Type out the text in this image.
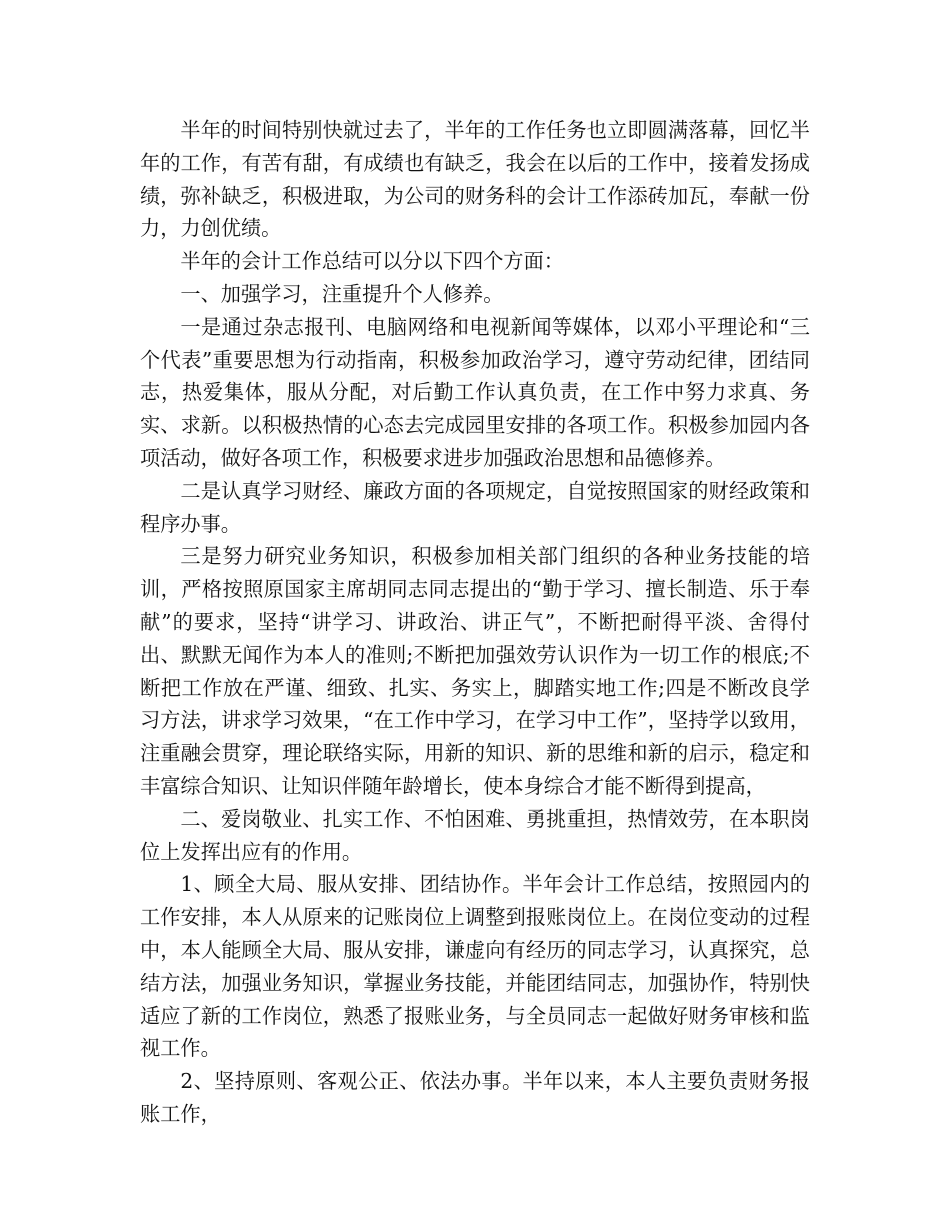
半年的时间特别快就过去了，半年的工作任务也立即圆满落幕，回忆半年的工作，有苦有甜，有成绩也有缺乏，我会在以后的工作中，接着发扬成绩，弥补缺乏，积极进取，为公司的财务科的会计工作添砖加瓦，奉献一份力，力创优绩。

半年的会计工作总结可以分以下四个方面：

一、加强学习，注重提升个人修养。

一是通过杂志报刊、电脑网络和电视新闻等媒体，以邓小平理论和“三个代表”重要思想为行动指南，积极参加政治学习，遵守劳动纪律，团结同志，热爱集体，服从分配，对后勤工作认真负责，在工作中努力求真、务实、求新。以积极热情的心态去完成园里安排的各项工作。积极参加园内各项活动，做好各项工作，积极要求进步加强政治思想和品德修养。

二是认真学习财经、廉政方面的各项规定，自觉按照国家的财经政策和程序办事。

三是努力研究业务知识，积极参加相关部门组织的各种业务技能的培训，严格按照原国家主席胡同志同志提出的“勤于学习、擅长制造、乐于奉献”的要求，坚持“讲学习、讲政治、讲正气”，不断把耐得平淡、舍得付出、默默无闻作为本人的准则;不断把加强效劳认识作为一切工作的根底;不断把工作放在严谨、细致、扎实、务实上，脚踏实地工作;四是不断改良学习方法，讲求学习效果，“在工作中学习，在学习中工作”，坚持学以致用，注重融会贯穿，理论联络实际，用新的知识、新的思维和新的启示，稳定和丰富综合知识、让知识伴随年龄增长，使本身综合才能不断得到提高，

二、爱岗敬业、扎实工作、不怕困难、勇挑重担，热情效劳，在本职岗位上发挥出应有的作用。

1、顾全大局、服从安排、团结协作。半年会计工作总结，按照园内的工作安排，本人从原来的记账岗位上调整到报账岗位上。在岗位变动的过程中，本人能顾全大局、服从安排，谦虚向有经历的同志学习，认真探究，总结方法，加强业务知识，掌握业务技能，并能团结同志，加强协作，特别快适应了新的工作岗位，熟悉了报账业务，与全员同志一起做好财务审核和监视工作。

2、坚持原则、客观公正、依法办事。半年以来，本人主要负责财务报账工作，
